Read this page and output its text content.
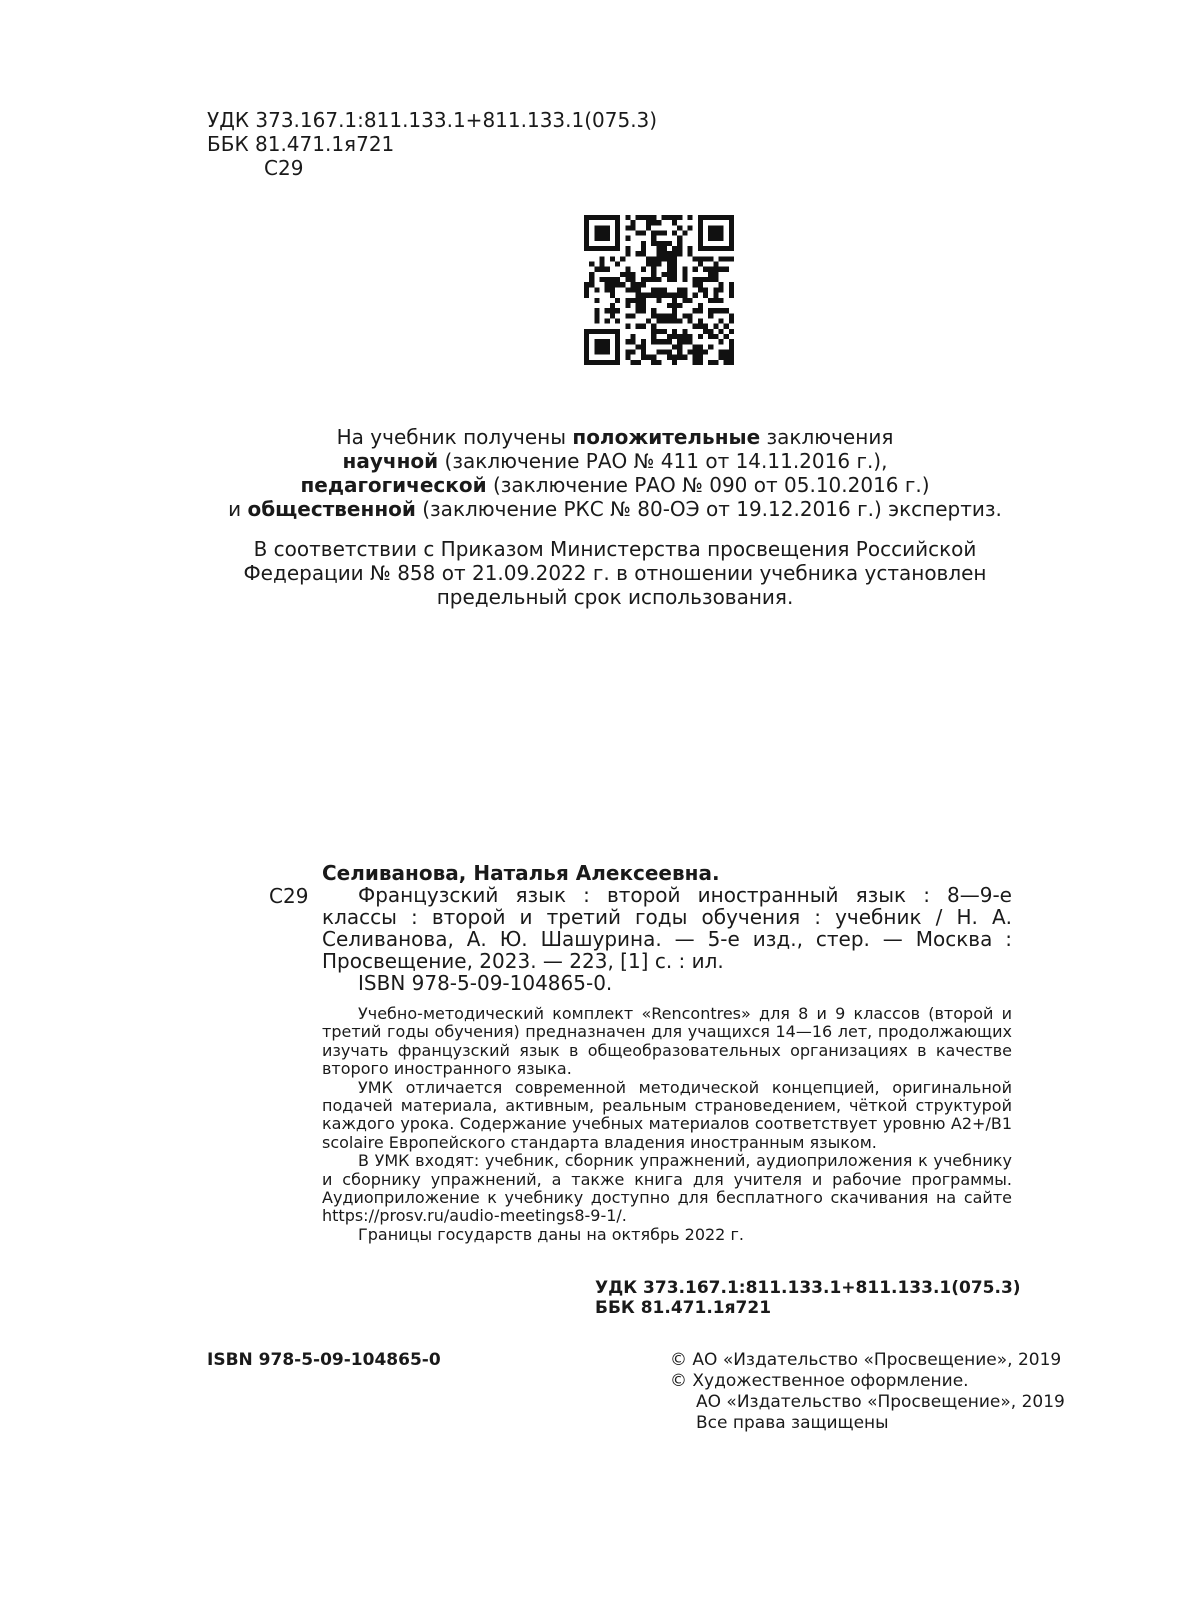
УДК 373.167.1:811.133.1+811.133.1(075.3)
ББК 81.471.1я721
С29
На учебник получены положительные заключения
научной (заключение РАО № 411 от 14.11.2016 г.),
педагогической (заключение РАО № 090 от 05.10.2016 г.)
и общественной (заключение РКС № 80-ОЭ от 19.12.2016 г.) экспертиз.
В соответствии с Приказом Министерства просвещения Российской
Федерации № 858 от 21.09.2022 г. в отношении учебника установлен
предельный срок использования.
С29
Селиванова, Наталья Алексеевна.
Французский язык : второй иностранный язык : 8—9-е классы : второй и третий годы обучения : учебник / Н. А. Селиванова, А. Ю. Шашурина. — 5-е изд., стер. — Москва : Просвещение, 2023. — 223, [1] с. : ил.
ISBN 978-5-09-104865-0.

Учебно-методический комплект «Rencontres» для 8 и 9 классов (второй и третий годы обучения) предназначен для учащихся 14—16 лет, продолжающих изучать французский язык в общеобразовательных организациях в качестве второго иностранного языка.

УМК отличается современной методической концепцией, оригинальной подачей материала, активным, реальным страноведением, чёткой структурой каждого урока. Содержание учебных материалов соответствует уровню A2+/B1 scolaire Европейского стандарта владения иностранным языком.

В УМК входят: учебник, сборник упражнений, аудиоприложения к учебнику и сборнику упражнений, а также книга для учителя и рабочие программы. Аудиоприложение к учебнику доступно для бесплатного скачивания на сайте https://prosv.ru/audio-meetings8-9-1/.

Границы государств даны на октябрь 2022 г.

УДК 373.167.1:811.133.1+811.133.1(075.3)
ББК 81.471.1я721
ISBN 978-5-09-104865-0	© АО «Издательство «Просвещение», 2019
© Художественное оформление.
АО «Издательство «Просвещение», 2019
Все права защищены
